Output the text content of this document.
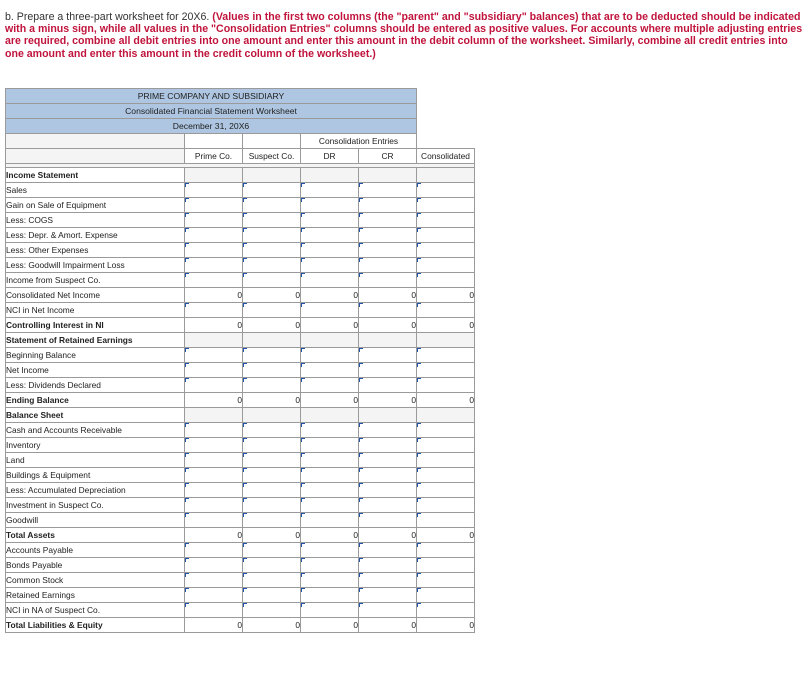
b. Prepare a three-part worksheet for 20X6. (Values in the first two columns (the "parent" and "subsidiary" balances) that are to be deducted should be indicated with a minus sign, while all values in the "Consolidation Entries" columns should be entered as positive values. For accounts where multiple adjusting entries are required, combine all debit entries into one amount and enter this amount in the debit column of the worksheet. Similarly, combine all credit entries into one amount and enter this amount in the credit column of the worksheet.)
PRIME COMPANY AND SUBSIDIARY					
Consolidated Financial Statement Worksheet					
December 31, 20X6					
			Consolidation Entries		
	Prime Co.	Suspect Co.	DR	CR	Consolidated

Income Statement					
Sales					
Gain on Sale of Equipment					
Less: COGS					
Less: Depr. & Amort. Expense					
Less: Other Expenses					
Less: Goodwill Impairment Loss					
Income from Suspect Co.					
Consolidated Net Income	0	0	0	0	0
NCI in Net Income					
Controlling Interest in NI	0	0	0	0	0
Statement of Retained Earnings					
Beginning Balance					
Net Income					
Less: Dividends Declared					
Ending Balance	0	0	0	0	0
Balance Sheet					
Cash and Accounts Receivable					
Inventory					
Land					
Buildings & Equipment					
Less: Accumulated Depreciation					
Investment in Suspect Co.					
Goodwill					
Total Assets	0	0	0	0	0
Accounts Payable					
Bonds Payable					
Common Stock					
Retained Earnings					
NCI in NA of Suspect Co.					
Total Liabilities & Equity	0	0	0	0	0
